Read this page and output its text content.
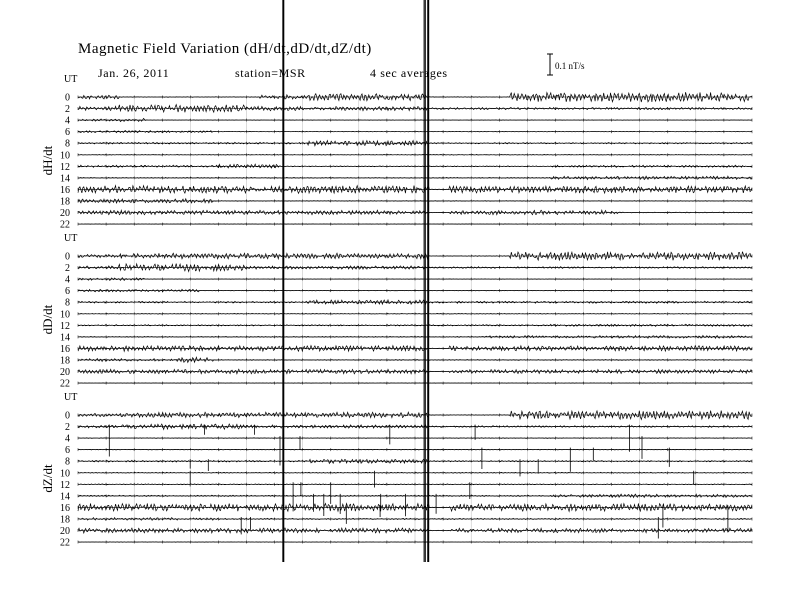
Magnetic Field Variation (dH/dt,dD/dt,dZ/dt)
Jan. 26, 2011	station=MSR	4 sec averages	0.1 nT/s
UT
dH/dt
0
2
4
6
8
10
12
14
16
18
20
22
UT
dD/dt
0
2
4
6
8
10
12
14
16
18
20
22
UT
dZ/dt
0
2
4
6
8
10
12
14
16
18
20
22
